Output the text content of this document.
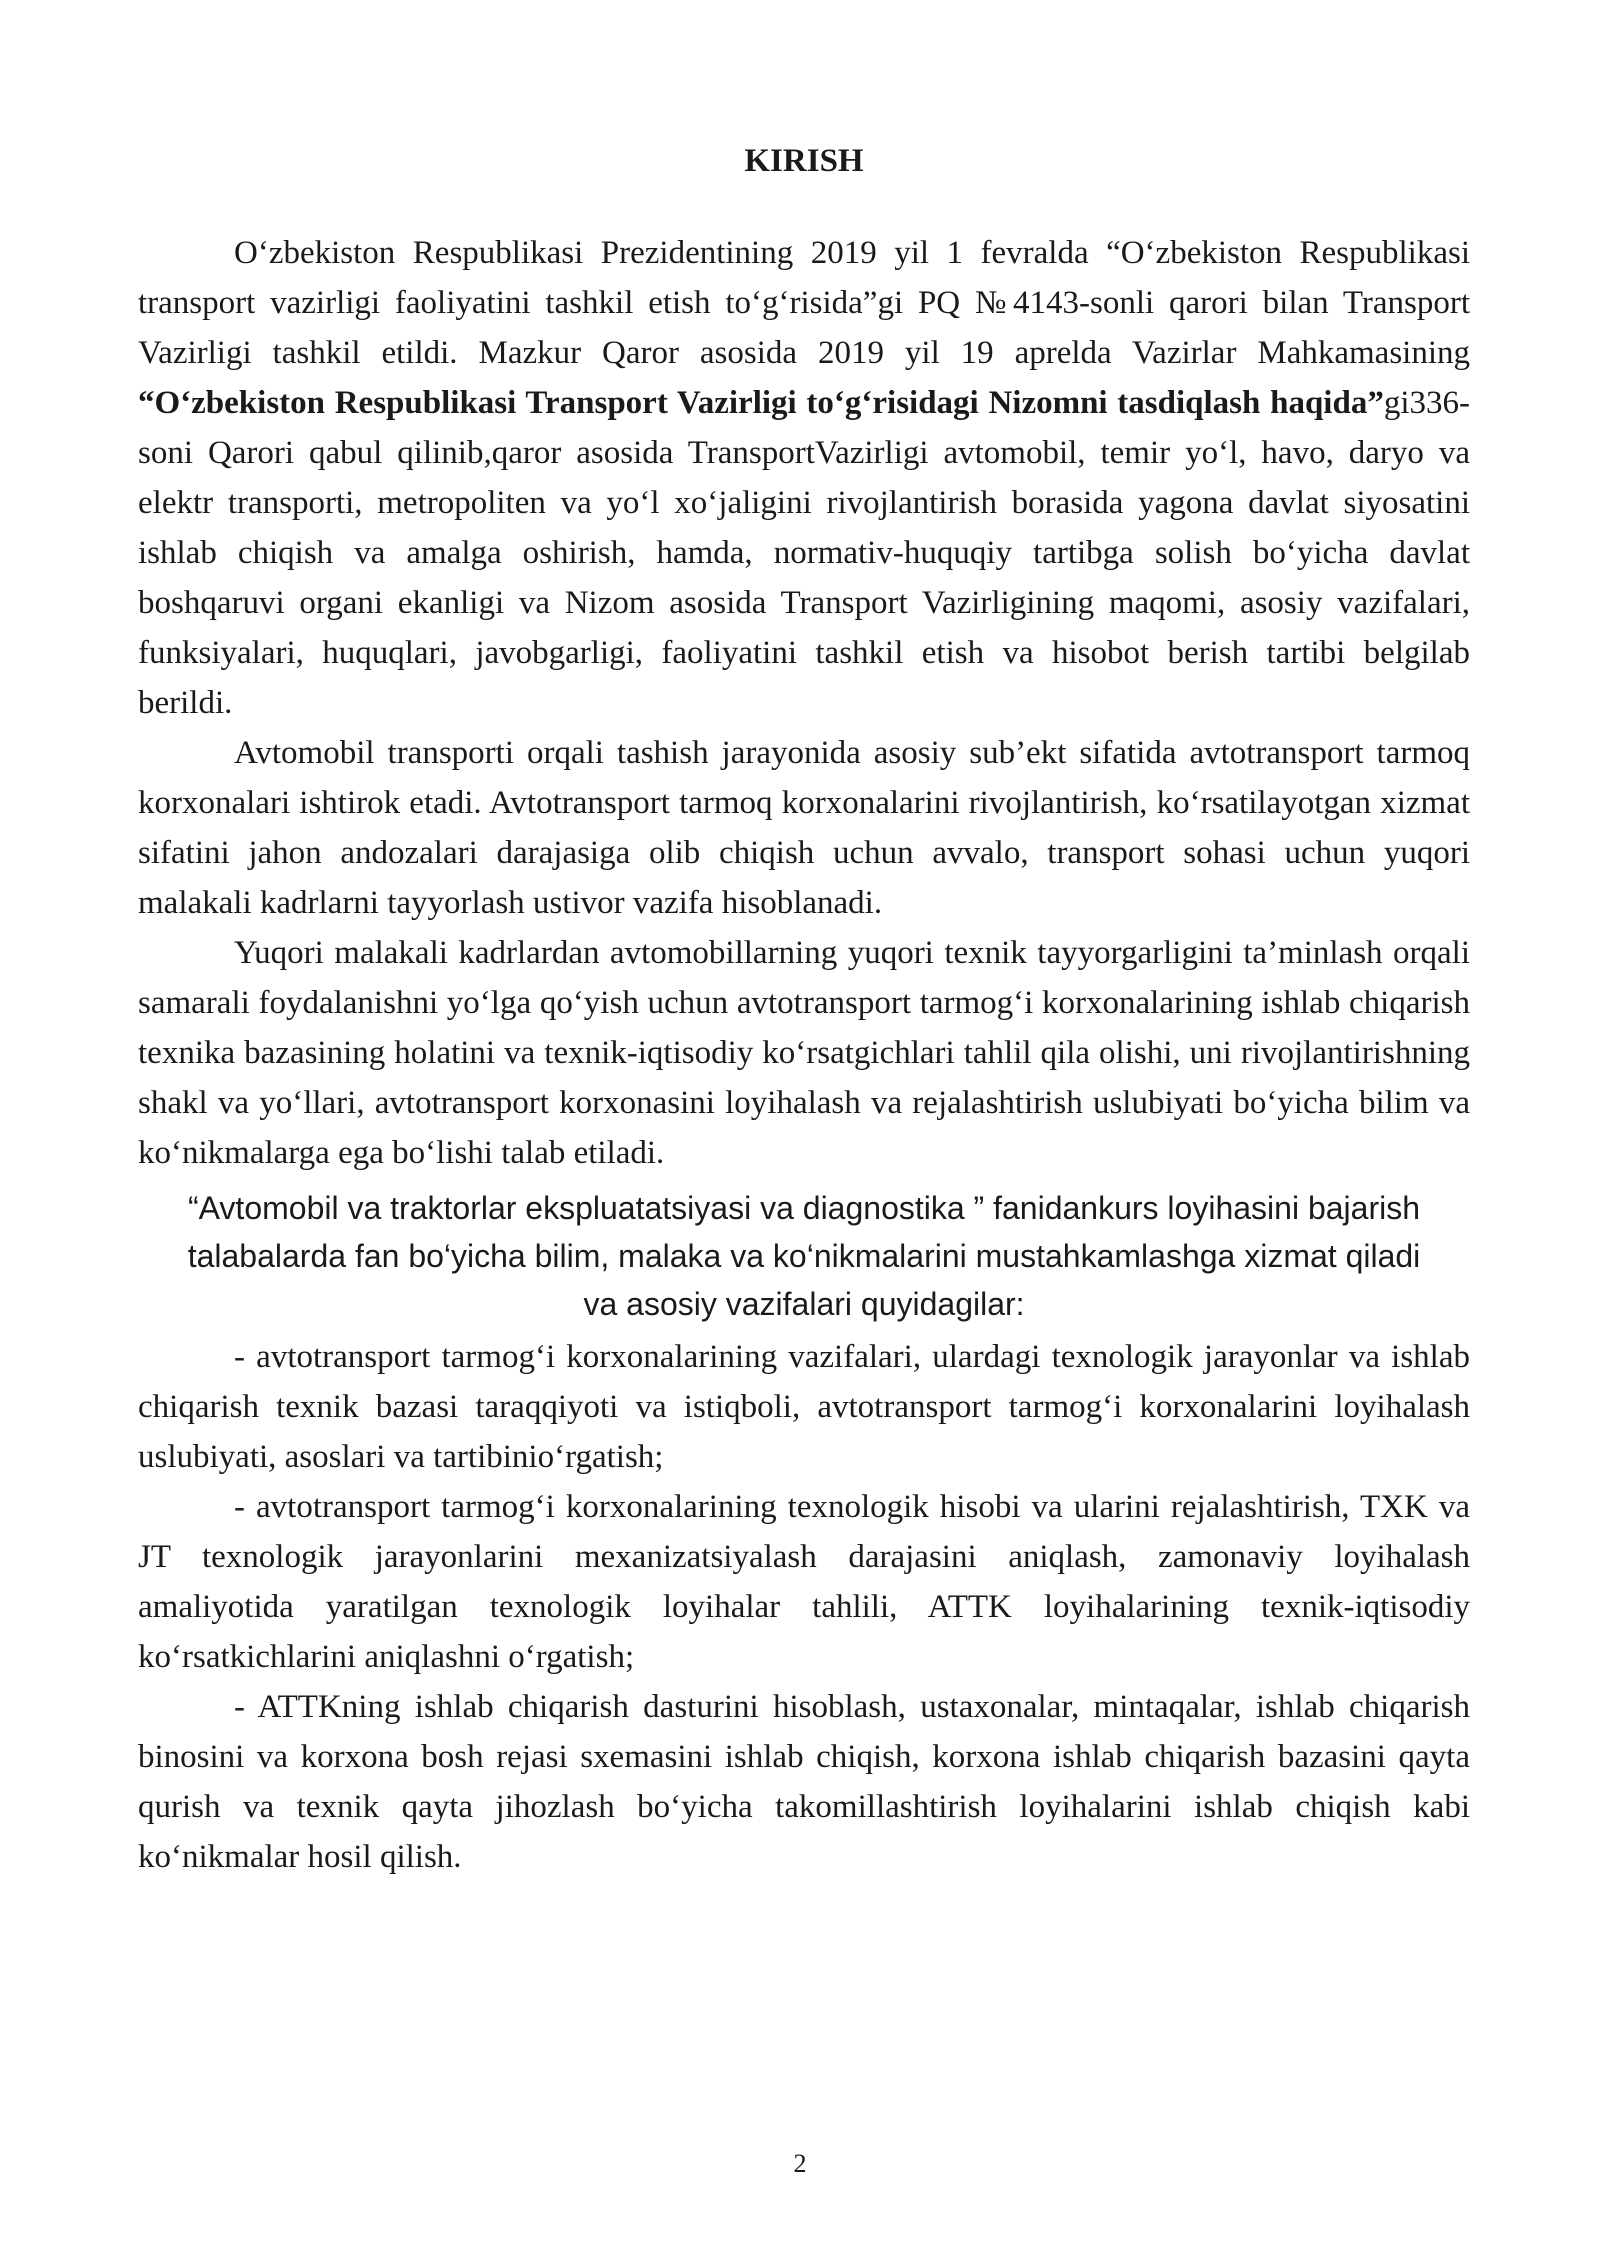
KIRISH

O‘zbekiston Respublikasi Prezidentining 2019 yil 1 fevralda “O‘zbekiston Respublikasi transport vazirligi faoliyatini tashkil etish to‘g‘risida”gi PQ №4143-sonli qarori bilan Transport Vazirligi tashkil etildi. Mazkur Qaror asosida 2019 yil 19 aprelda Vazirlar Mahkamasining “O‘zbekiston Respublikasi Transport Vazirligi to‘g‘risidagi Nizomni tasdiqlash haqida”gi336-soni Qarori qabul qilinib,qaror asosida TransportVazirligi avtomobil, temir yo‘l, havo, daryo va elektr transporti, metropoliten va yo‘l xo‘jaligini rivojlantirish borasida yagona davlat siyosatini ishlab chiqish va amalga oshirish, hamda, normativ-huquqiy tartibga solish bo‘yicha davlat boshqaruvi organi ekanligi va Nizom asosida Transport Vazirligining maqomi, asosiy vazifalari, funksiyalari, huquqlari, javobgarligi, faoliyatini tashkil etish va hisobot berish tartibi belgilab berildi.

Avtomobil transporti orqali tashish jarayonida asosiy sub’ekt sifatida avtotransport tarmoq korxonalari ishtirok etadi. Avtotransport tarmoq korxonalarini rivojlantirish, ko‘rsatilayotgan xizmat sifatini jahon andozalari darajasiga olib chiqish uchun avvalo, transport sohasi uchun yuqori malakali kadrlarni tayyorlash ustivor vazifa hisoblanadi.

Yuqori malakali kadrlardan avtomobillarning yuqori texnik tayyorgarligini ta’minlash orqali samarali foydalanishni yo‘lga qo‘yish uchun avtotransport tarmog‘i korxonalarining ishlab chiqarish texnika bazasining holatini va texnik-iqtisodiy ko‘rsatgichlari tahlil qila olishi, uni rivojlantirishning shakl va yo‘llari, avtotransport korxonasini loyihalash va rejalashtirish uslubiyati bo‘yicha bilim va ko‘nikmalarga ega bo‘lishi talab etiladi.

“Avtomobil va traktorlar ekspluatatsiyasi va diagnostika ” fanidankurs loyihasini bajarish talabalarda fan bo‘yicha bilim, malaka va ko‘nikmalarini mustahkamlashga xizmat qiladi va asosiy vazifalari quyidagilar:

- avtotransport tarmog‘i korxonalarining vazifalari, ulardagi texnologik jarayonlar va ishlab chiqarish texnik bazasi taraqqiyoti va istiqboli, avtotransport tarmog‘i korxonalarini loyihalash uslubiyati, asoslari va tartibinio‘rgatish;

- avtotransport tarmog‘i korxonalarining texnologik hisobi va ularini rejalashtirish, TXK va JT texnologik jarayonlarini mexanizatsiyalash darajasini aniqlash, zamonaviy loyihalash amaliyotida yaratilgan texnologik loyihalar tahlili, ATTK loyihalarining texnik-iqtisodiy ko‘rsatkichlarini aniqlashni o‘rgatish;

- ATTKning ishlab chiqarish dasturini hisoblash, ustaxonalar, mintaqalar, ishlab chiqarish binosini va korxona bosh rejasi sxemasini ishlab chiqish, korxona ishlab chiqarish bazasini qayta qurish va texnik qayta jihozlash bo‘yicha takomillashtirish loyihalarini ishlab chiqish kabi ko‘nikmalar hosil qilish.

2
